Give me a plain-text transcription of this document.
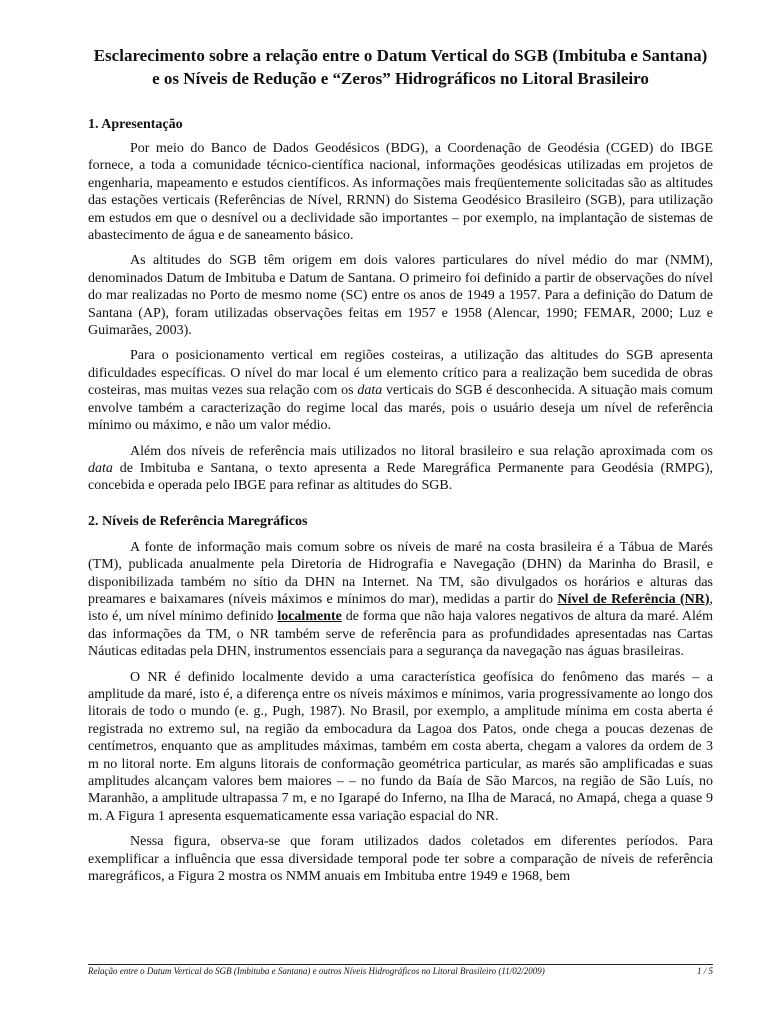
Esclarecimento sobre a relação entre o Datum Vertical do SGB (Imbituba e Santana) e os Níveis de Redução e “Zeros” Hidrográficos no Litoral Brasileiro
1. Apresentação

Por meio do Banco de Dados Geodésicos (BDG), a Coordenação de Geodésia (CGED) do IBGE fornece, a toda a comunidade técnico-científica nacional, informações geodésicas utilizadas em projetos de engenharia, mapeamento e estudos científicos. As informações mais freqüentemente solicitadas são as altitudes das estações verticais (Referências de Nível, RRNN) do Sistema Geodésico Brasileiro (SGB), para utilização em estudos em que o desnível ou a declividade são importantes – por exemplo, na implantação de sistemas de abastecimento de água e de saneamento básico.

As altitudes do SGB têm origem em dois valores particulares do nível médio do mar (NMM), denominados Datum de Imbituba e Datum de Santana. O primeiro foi definido a partir de observações do nível do mar realizadas no Porto de mesmo nome (SC) entre os anos de 1949 a 1957. Para a definição do Datum de Santana (AP), foram utilizadas observações feitas em 1957 e 1958 (Alencar, 1990; FEMAR, 2000; Luz e Guimarães, 2003).

Para o posicionamento vertical em regiões costeiras, a utilização das altitudes do SGB apresenta dificuldades específicas. O nível do mar local é um elemento crítico para a realização bem sucedida de obras costeiras, mas muitas vezes sua relação com os data verticais do SGB é desconhecida. A situação mais comum envolve também a caracterização do regime local das marés, pois o usuário deseja um nível de referência mínimo ou máximo, e não um valor médio.

Além dos níveis de referência mais utilizados no litoral brasileiro e sua relação aproximada com os data de Imbituba e Santana, o texto apresenta a Rede Maregráfica Permanente para Geodésia (RMPG), concebida e operada pelo IBGE para refinar as altitudes do SGB.

2. Níveis de Referência Maregráficos

A fonte de informação mais comum sobre os níveis de maré na costa brasileira é a Tábua de Marés (TM), publicada anualmente pela Diretoria de Hidrografia e Navegação (DHN) da Marinha do Brasil, e disponibilizada também no sítio da DHN na Internet. Na TM, são divulgados os horários e alturas das preamares e baixamares (níveis máximos e mínimos do mar), medidas a partir do Nível de Referência (NR), isto é, um nível mínimo definido localmente de forma que não haja valores negativos de altura da maré. Além das informações da TM, o NR também serve de referência para as profundidades apresentadas nas Cartas Náuticas editadas pela DHN, instrumentos essenciais para a segurança da navegação nas águas brasileiras.

O NR é definido localmente devido a uma característica geofísica do fenômeno das marés – a amplitude da maré, isto é, a diferença entre os níveis máximos e mínimos, varia progressivamente ao longo dos litorais de todo o mundo (e. g., Pugh, 1987). No Brasil, por exemplo, a amplitude mínima em costa aberta é registrada no extremo sul, na região da embocadura da Lagoa dos Patos, onde chega a poucas dezenas de centímetros, enquanto que as amplitudes máximas, também em costa aberta, chegam a valores da ordem de 3 m no litoral norte. Em alguns litorais de conformação geométrica particular, as marés são amplificadas e suas amplitudes alcançam valores bem maiores – – no fundo da Baía de São Marcos, na região de São Luís, no Maranhão, a amplitude ultrapassa 7 m, e no Igarapé do Inferno, na Ilha de Maracá, no Amapá, chega a quase 9 m. A Figura 1 apresenta esquematicamente essa variação espacial do NR.

Nessa figura, observa-se que foram utilizados dados coletados em diferentes períodos. Para exemplificar a influência que essa diversidade temporal pode ter sobre a comparação de níveis de referência maregráficos, a Figura 2 mostra os NMM anuais em Imbituba entre 1949 e 1968, bem

Relação entre o Datum Vertical do SGB (Imbituba e Santana) e outros Níveis Hidrográficos no Litoral Brasileiro (11/02/2009)	1 / 5
